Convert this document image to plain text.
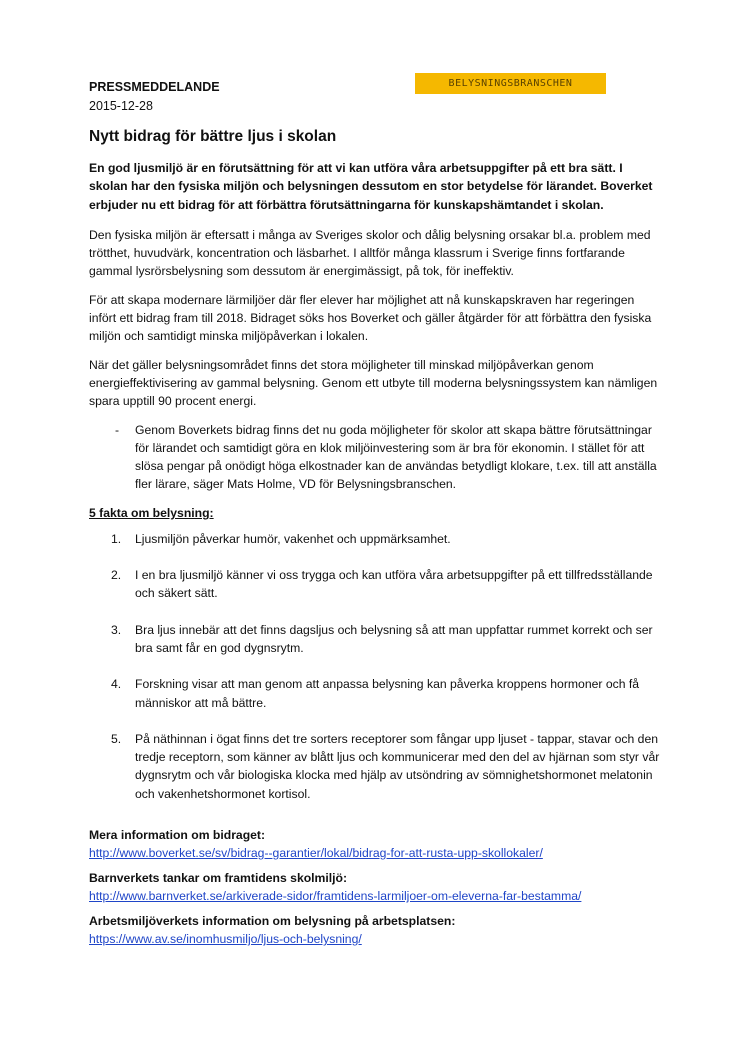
BELYSNINGSBRANSCHEN
PRESSMEDDELANDE
2015-12-28
Nytt bidrag för bättre ljus i skolan

En god ljusmiljö är en förutsättning för att vi kan utföra våra arbetsuppgifter på ett bra sätt. I skolan har den fysiska miljön och belysningen dessutom en stor betydelse för lärandet. Boverket erbjuder nu ett bidrag för att förbättra förutsättningarna för kunskapshämtandet i skolan.

Den fysiska miljön är eftersatt i många av Sveriges skolor och dålig belysning orsakar bl.a. problem med trötthet, huvudvärk, koncentration och läsbarhet. I alltför många klassrum i Sverige finns fortfarande gammal lysrörsbelysning som dessutom är energimässigt, på tok, för ineffektiv.

För att skapa modernare lärmiljöer där fler elever har möjlighet att nå kunskapskraven har regeringen infört ett bidrag fram till 2018. Bidraget söks hos Boverket och gäller åtgärder för att förbättra den fysiska miljön och samtidigt minska miljöpåverkan i lokalen.

När det gäller belysningsområdet finns det stora möjligheter till minskad miljöpåverkan genom energieffektivisering av gammal belysning. Genom ett utbyte till moderna belysningssystem kan nämligen spara upptill 90 procent energi.

-	Genom Boverkets bidrag finns det nu goda möjligheter för skolor att skapa bättre förutsättningar för lärandet och samtidigt göra en klok miljöinvestering som är bra för ekonomin. I stället för att slösa pengar på onödigt höga elkostnader kan de användas betydligt klokare, t.ex. till att anställa fler lärare, säger Mats Holme, VD för Belysningsbranschen.
5 fakta om belysning:
1.	Ljusmiljön påverkar humör, vakenhet och uppmärksamhet.
2.	I en bra ljusmiljö känner vi oss trygga och kan utföra våra arbetsuppgifter på ett tillfredsställande och säkert sätt.
3.	Bra ljus innebär att det finns dagsljus och belysning så att man uppfattar rummet korrekt och ser bra samt får en god dygnsrytm.
4.	Forskning visar att man genom att anpassa belysning kan påverka kroppens hormoner och få människor att må bättre.
5.	På näthinnan i ögat finns det tre sorters receptorer som fångar upp ljuset - tappar, stavar och den tredje receptorn, som känner av blått ljus och kommunicerar med den del av hjärnan som styr vår dygnsrytm och vår biologiska klocka med hjälp av utsöndring av sömnighetshormonet melatonin och vakenhetshormonet kortisol.
Mera information om bidraget:
http://www.boverket.se/sv/bidrag--garantier/lokal/bidrag-for-att-rusta-upp-skollokaler/
Barnverkets tankar om framtidens skolmiljö:
http://www.barnverket.se/arkiverade-sidor/framtidens-larmiljoer-om-eleverna-far-bestamma/
Arbetsmiljöverkets information om belysning på arbetsplatsen:
https://www.av.se/inomhusmiljo/ljus-och-belysning/
